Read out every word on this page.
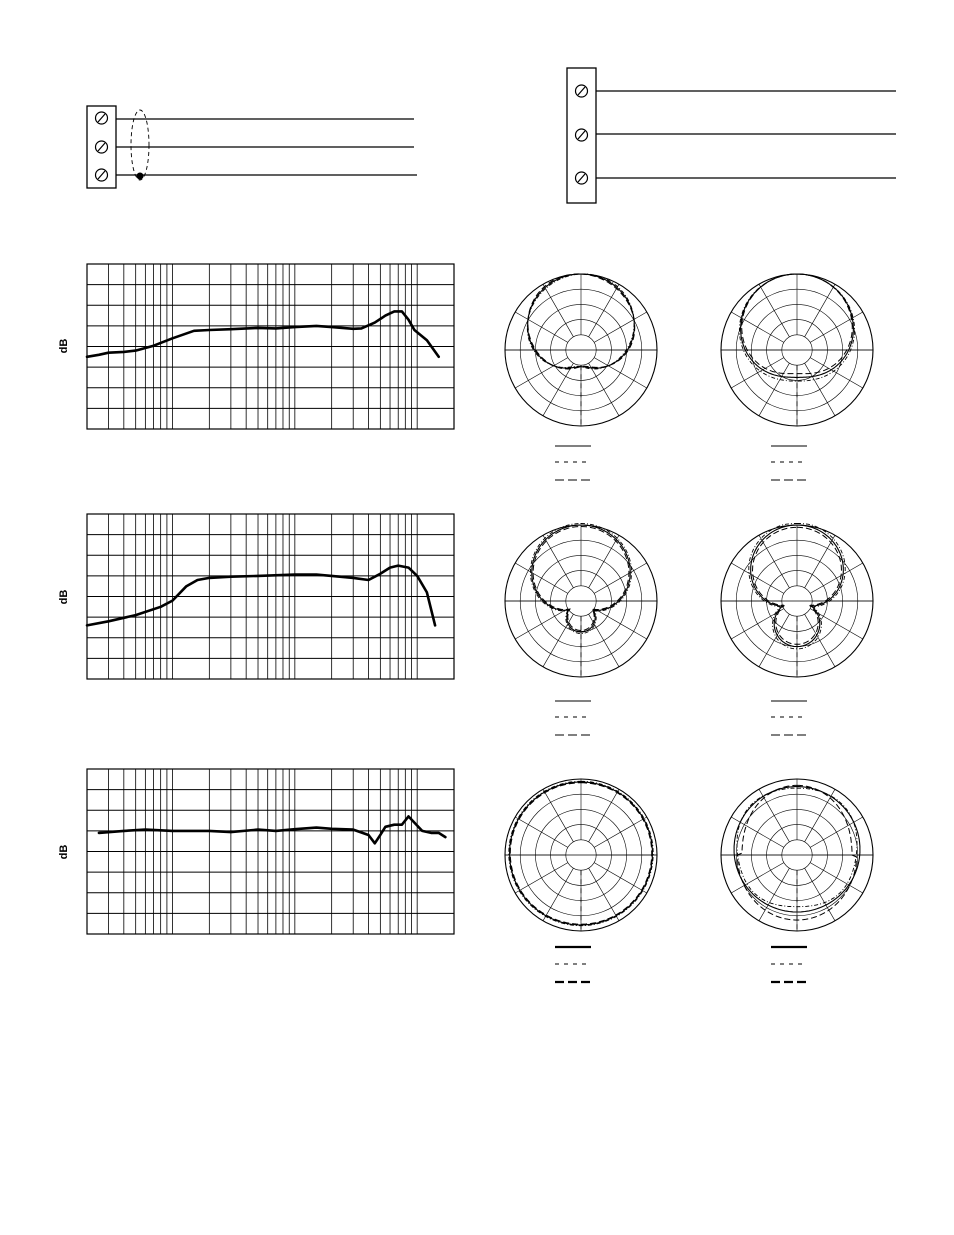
dB
dB
dB
